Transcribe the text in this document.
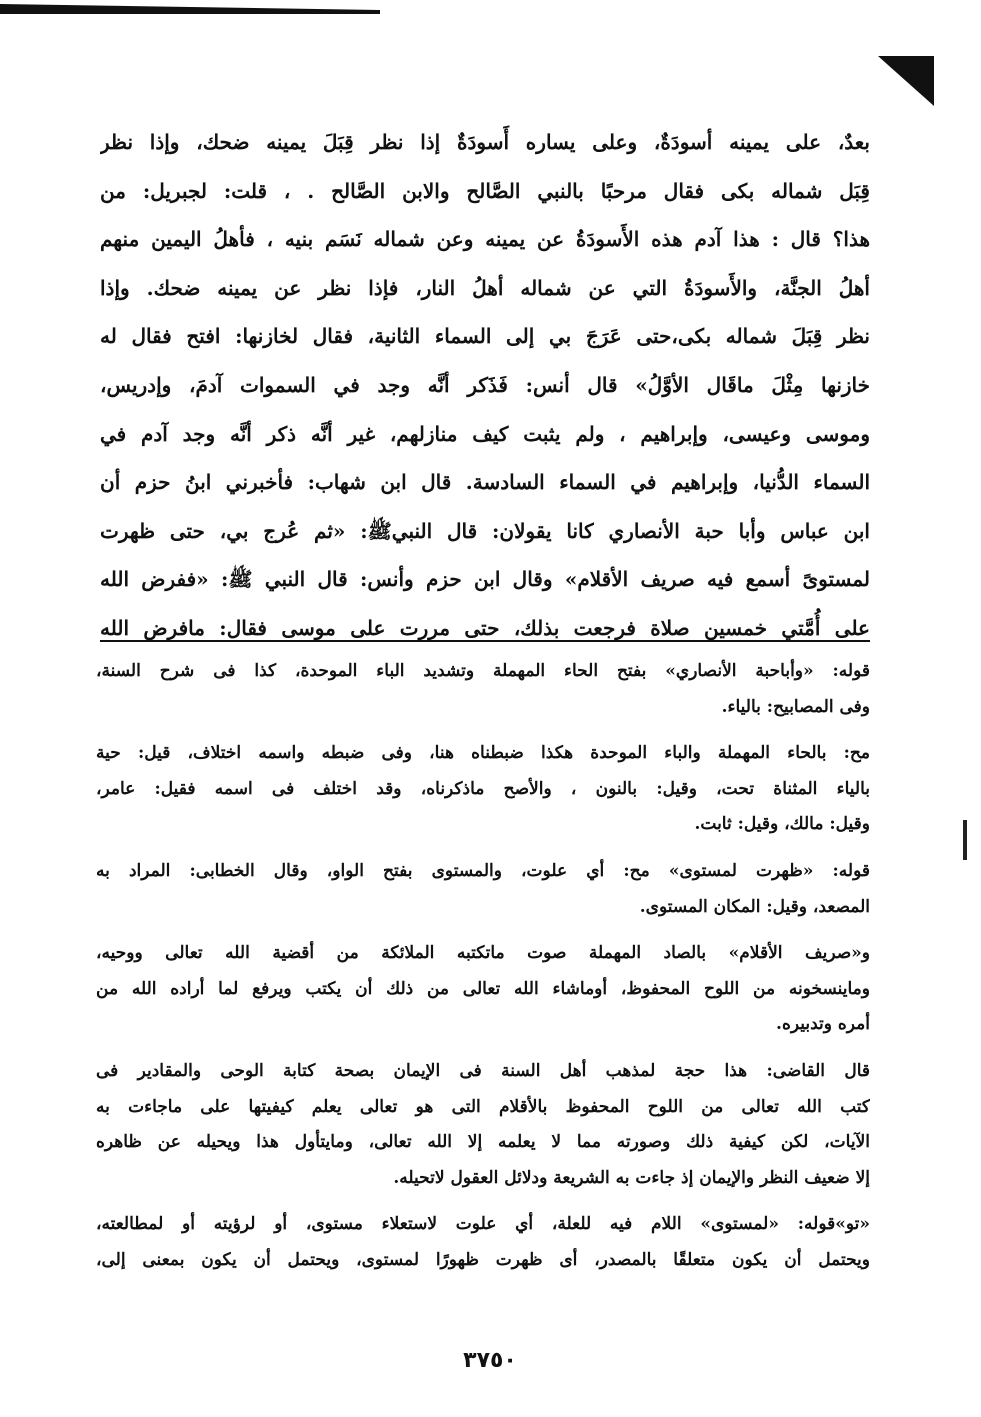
بعدٌ، على يمينه أسودَةٌ، وعلى يساره أَسودَةٌ إذا نظر قِبَلَ يمينه ضحك، وإذا نظر
قِبَل شماله بكى فقال مرحبًا بالنبي الصَّالح والابن الصَّالح . ، قلت: لجبريل: من
هذا؟ قال : هذا آدم هذه الأَسودَةُ عن يمينه وعن شماله نَسَم بنيه ، فأهلُ اليمين منهم
أهلُ الجنَّة، والأَسودَةُ التي عن شماله أهلُ النار، فإذا نظر عن يمينه ضحك. وإذا
نظر قِبَلَ شماله بكى،حتى عَرَجَ بي إلى السماء الثانية، فقال لخازنها: افتح فقال له
خازنها مِثْلَ ماقَال الأوَّلُ» قال أنس: فَذَكر أنَّه وجد في السموات آدمَ، وإدريس،
وموسى وعيسى، وإبراهيم ، ولم يثبت كيف منازلهم، غير أنَّه ذكر أنَّه وجد آدم في
السماء الدُّنيا، وإبراهيم في السماء السادسة. قال ابن شهاب: فأخبرني ابنُ حزم أن
ابن عباس وأبا حبة الأنصاري كانا يقولان: قال النبيﷺ: «ثم عُرج بي، حتى ظهرت
لمستوىً أسمع فيه صريف الأقلام» وقال ابن حزم وأنس: قال النبي ﷺ: «ففرض الله
على أُمَّتي خمسين صلاة فرجعت بذلك، حتى مررت على موسى فقال: مافرض الله
قوله: «وأباحبة الأنصاري» بفتح الحاء المهملة وتشديد الباء الموحدة، كذا فى شرح السنة،
وفى المصابيح: بالياء.
مح: بالحاء المهملة والباء الموحدة هكذا ضبطناه هنا، وفى ضبطه واسمه اختلاف، قيل: حية
بالياء المثناة تحت، وقيل: بالنون ، والأصح ماذكرناه، وقد اختلف فى اسمه فقيل: عامر،
وقيل: مالك، وقيل: ثابت.
قوله: «ظهرت لمستوى» مح: أي علوت، والمستوى بفتح الواو، وقال الخطابى: المراد به
المصعد، وقيل: المكان المستوى.
و«صريف الأقلام» بالصاد المهملة صوت ماتكتبه الملائكة من أقضية الله تعالى ووحيه،
وماينسخونه من اللوح المحفوظ، أوماشاء الله تعالى من ذلك أن يكتب ويرفع لما أراده الله من
أمره وتدبيره.
قال القاضى: هذا حجة لمذهب أهل السنة فى الإيمان بصحة كتابة الوحى والمقادير فى
كتب الله تعالى من اللوح المحفوظ بالأقلام التى هو تعالى يعلم كيفيتها على ماجاءت به
الآيات، لكن كيفية ذلك وصورته مما لا يعلمه إلا الله تعالى، ومايتأول هذا ويحيله عن ظاهره
إلا ضعيف النظر والإيمان إذ جاءت به الشريعة ودلائل العقول لاتحيله.
«تو»قوله: «لمستوى» اللام فيه للعلة، أي علوت لاستعلاء مستوى، أو لرؤيته أو لمطالعته،
ويحتمل أن يكون متعلقًا بالمصدر، أى ظهرت ظهورًا لمستوى، ويحتمل أن يكون بمعنى إلى،
٣٧٥٠
